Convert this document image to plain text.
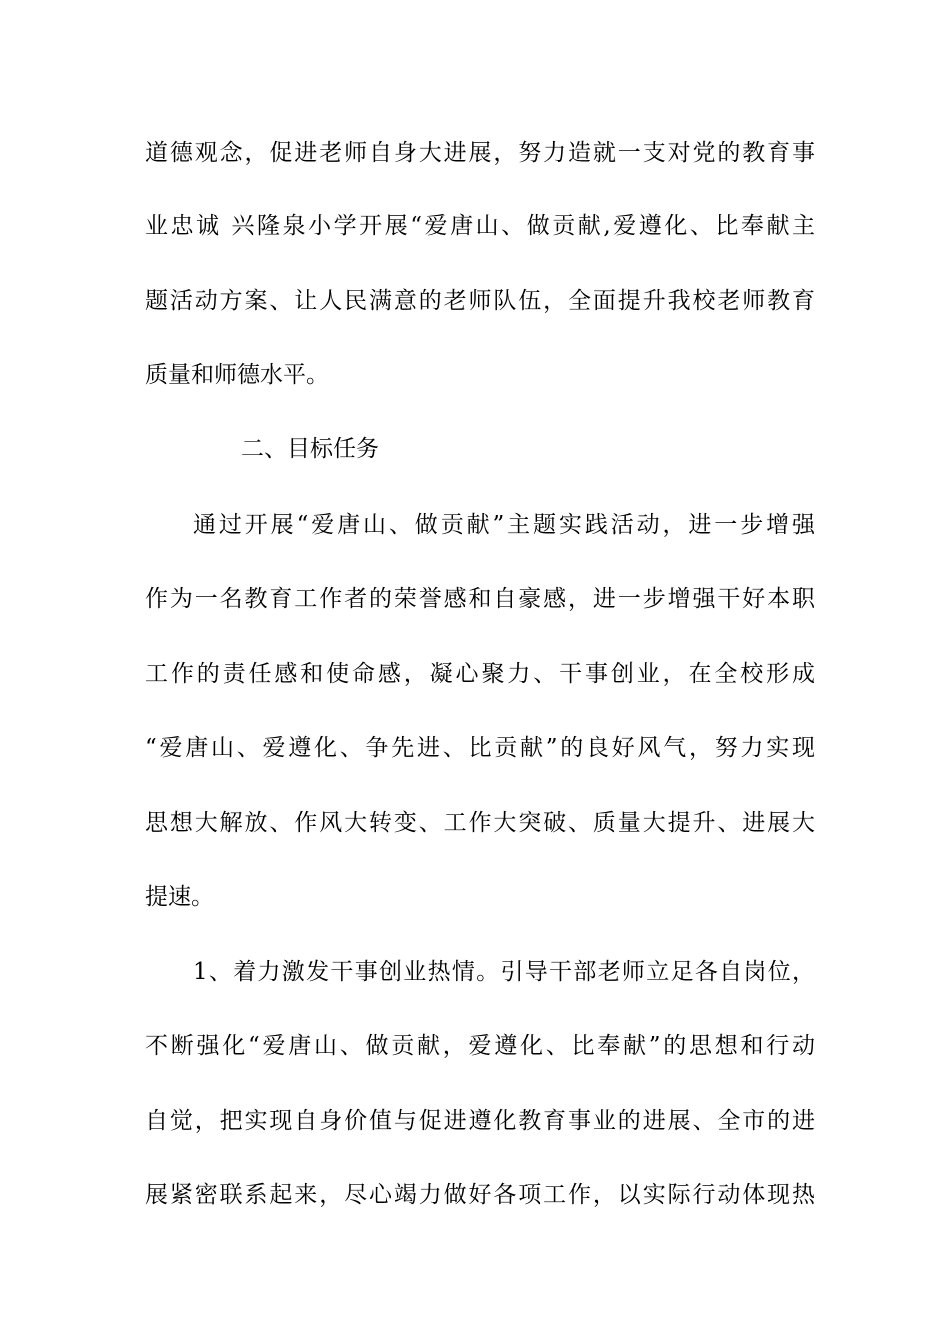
道德观念，促进老师自身大进展，努力造就一支对党的教育事
业忠诚 兴隆泉小学开展“爱唐山、做贡献,爱遵化、比奉献主
题活动方案、让人民满意的老师队伍，全面提升我校老师教育
质量和师德水平。
二、目标任务
通过开展“爱唐山、做贡献”主题实践活动，进一步增强
作为一名教育工作者的荣誉感和自豪感，进一步增强干好本职
工作的责任感和使命感，凝心聚力、干事创业，在全校形成
“爱唐山、爱遵化、争先进、比贡献”的良好风气，努力实现
思想大解放、作风大转变、工作大突破、质量大提升、进展大
提速。
1、着力激发干事创业热情。引导干部老师立足各自岗位，
不断强化“爱唐山、做贡献，爱遵化、比奉献”的思想和行动
自觉，把实现自身价值与促进遵化教育事业的进展、全市的进
展紧密联系起来，尽心竭力做好各项工作，以实际行动体现热
